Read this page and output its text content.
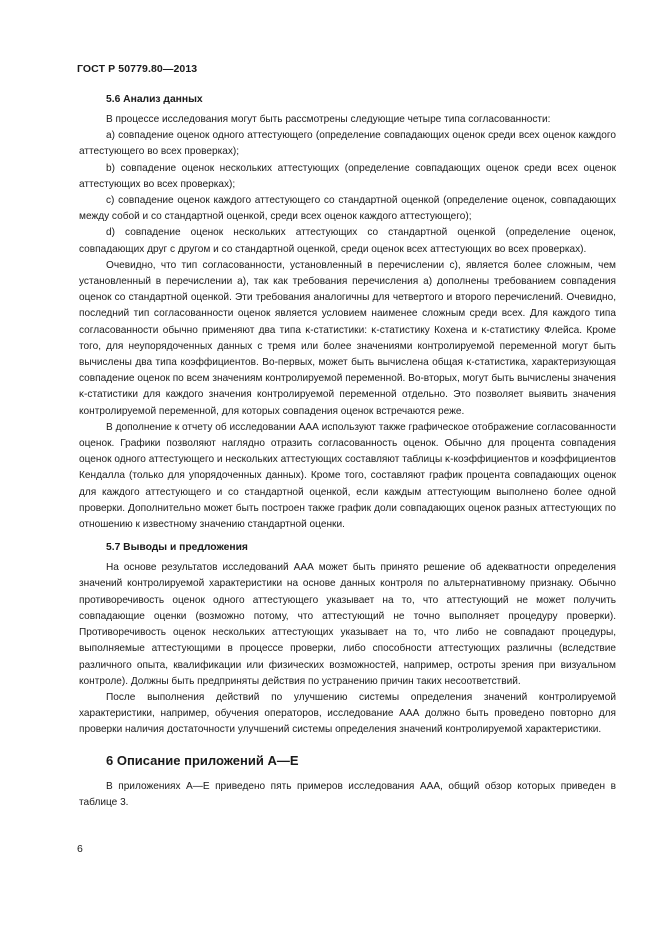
ГОСТ Р 50779.80—2013
5.6 Анализ данных

В процессе исследования могут быть рассмотрены следующие четыре типа согласованности:

а) совпадение оценок одного аттестующего (определение совпадающих оценок среди всех оценок каждого аттестующего во всех проверках);

b) совпадение оценок нескольких аттестующих (определение совпадающих оценок среди всех оценок аттестующих во всех проверках);

с) совпадение оценок каждого аттестующего со стандартной оценкой (определение оценок, совпадающих между собой и со стандартной оценкой, среди всех оценок каждого аттестующего);

d) совпадение оценок нескольких аттестующих со стандартной оценкой (определение оценок, совпадающих друг с другом и со стандартной оценкой, среди оценок всех аттестующих во всех проверках).

Очевидно, что тип согласованности, установленный в перечислении с), является более сложным, чем установленный в перечислении а), так как требования перечисления а) дополнены требованием совпадения оценок со стандартной оценкой. Эти требования аналогичны для четвертого и второго перечислений. Очевидно, последний тип согласованности оценок является условием наименее сложным среди всех. Для каждого типа согласованности обычно применяют два типа κ-статистики: κ-статистику Кохена и κ-статистику Флейса. Кроме того, для неупорядоченных данных с тремя или более значениями контролируемой переменной могут быть вычислены два типа коэффициентов. Во-первых, может быть вычислена общая κ-статистика, характеризующая совпадение оценок по всем значениям контролируемой переменной. Во-вторых, могут быть вычислены значения κ-статистики для каждого значения контролируемой переменной отдельно. Это позволяет выявить значения контролируемой переменной, для которых совпадения оценок встречаются реже.

В дополнение к отчету об исследовании ААА используют также графическое отображение согласованности оценок. Графики позволяют наглядно отразить согласованность оценок. Обычно для процента совпадения оценок одного аттестующего и нескольких аттестующих составляют таблицы κ-коэффициентов и коэффициентов Кендалла (только для упорядоченных данных). Кроме того, составляют график процента совпадающих оценок для каждого аттестующего и со стандартной оценкой, если каждым аттестующим выполнено более одной проверки. Дополнительно может быть построен также график доли совпадающих оценок разных аттестующих по отношению к известному значению стандартной оценки.

5.7 Выводы и предложения

На основе результатов исследований ААА может быть принято решение об адекватности определения значений контролируемой характеристики на основе данных контроля по альтернативному признаку. Обычно противоречивость оценок одного аттестующего указывает на то, что аттестующий не может получить совпадающие оценки (возможно потому, что аттестующий не точно выполняет процедуру проверки). Противоречивость оценок нескольких аттестующих указывает на то, что либо не совпадают процедуры, выполняемые аттестующими в процессе проверки, либо способности аттестующих различны (вследствие различного опыта, квалификации или физических возможностей, например, остроты зрения при визуальном контроле). Должны быть предприняты действия по устранению причин таких несоответствий.

После выполнения действий по улучшению системы определения значений контролируемой характеристики, например, обучения операторов, исследование ААА должно быть проведено повторно для проверки наличия достаточности улучшений системы определения значений контролируемой характеристики.

6 Описание приложений А—Е

В приложениях А—Е приведено пять примеров исследования ААА, общий обзор которых приведен в таблице 3.

6
